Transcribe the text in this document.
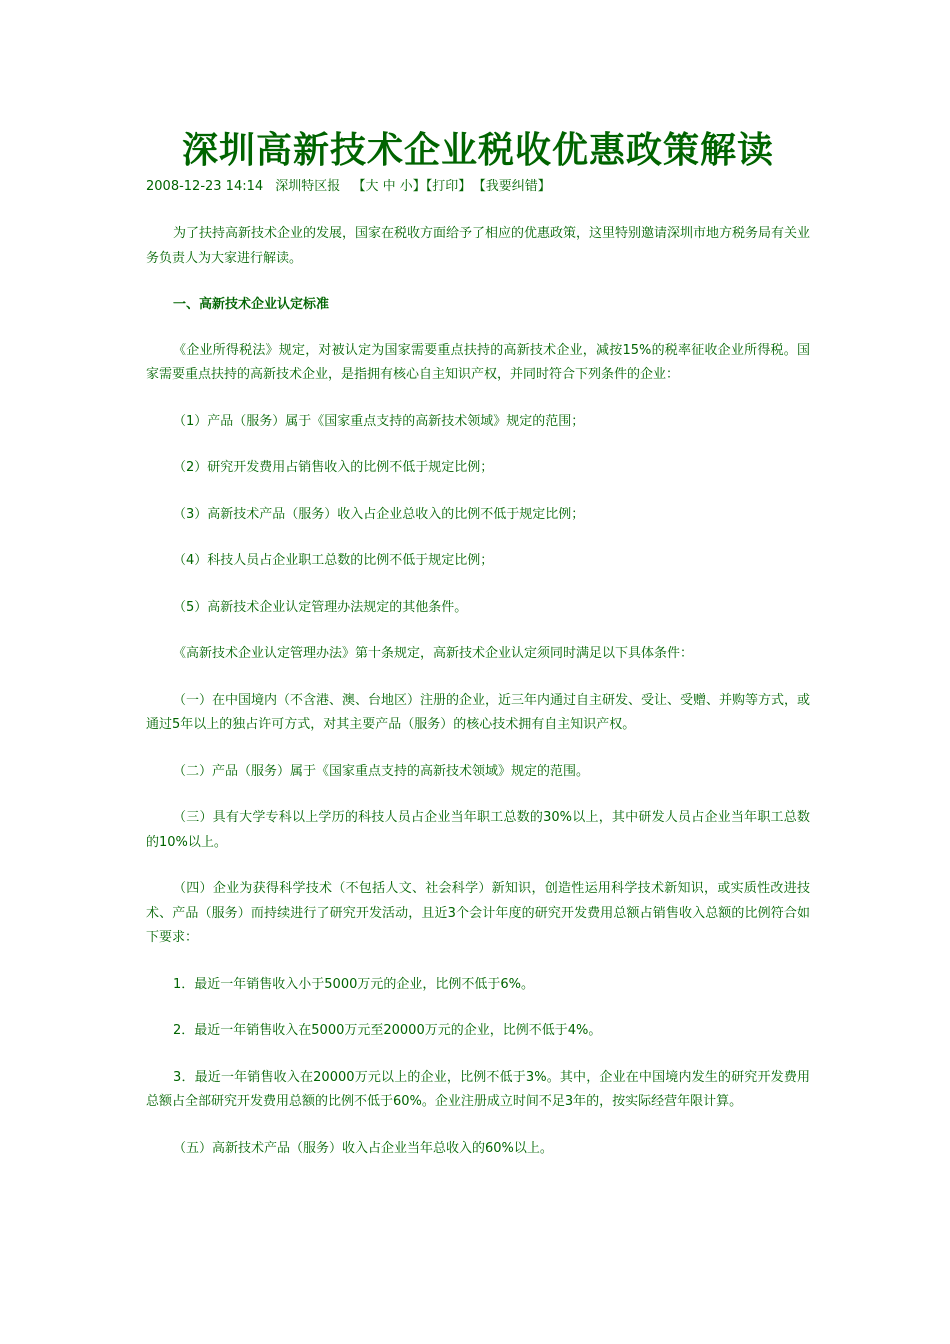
深圳高新技术企业税收优惠政策解读
2008-12-23 14:14 深圳特区报 【大 中 小】【打印】 【我要纠错】

为了扶持高新技术企业的发展，国家在税收方面给予了相应的优惠政策，这里特别邀请深圳市地方税务局有关业务负责人为大家进行解读。

一、高新技术企业认定标准

《企业所得税法》规定，对被认定为国家需要重点扶持的高新技术企业，减按15%的税率征收企业所得税。国家需要重点扶持的高新技术企业，是指拥有核心自主知识产权，并同时符合下列条件的企业：

（1）产品（服务）属于《国家重点支持的高新技术领域》规定的范围；

（2）研究开发费用占销售收入的比例不低于规定比例；

（3）高新技术产品（服务）收入占企业总收入的比例不低于规定比例；

（4）科技人员占企业职工总数的比例不低于规定比例；

（5）高新技术企业认定管理办法规定的其他条件。

《高新技术企业认定管理办法》第十条规定，高新技术企业认定须同时满足以下具体条件：

（一）在中国境内（不含港、澳、台地区）注册的企业，近三年内通过自主研发、受让、受赠、并购等方式，或通过5年以上的独占许可方式，对其主要产品（服务）的核心技术拥有自主知识产权。

（二）产品（服务）属于《国家重点支持的高新技术领域》规定的范围。

（三）具有大学专科以上学历的科技人员占企业当年职工总数的30%以上，其中研发人员占企业当年职工总数的10%以上。

（四）企业为获得科学技术（不包括人文、社会科学）新知识，创造性运用科学技术新知识，或实质性改进技术、产品（服务）而持续进行了研究开发活动，且近3个会计年度的研究开发费用总额占销售收入总额的比例符合如下要求：

1．最近一年销售收入小于5000万元的企业，比例不低于6%。

2．最近一年销售收入在5000万元至20000万元的企业，比例不低于4%。

3．最近一年销售收入在20000万元以上的企业，比例不低于3%。其中，企业在中国境内发生的研究开发费用总额占全部研究开发费用总额的比例不低于60%。企业注册成立时间不足3年的，按实际经营年限计算。

（五）高新技术产品（服务）收入占企业当年总收入的60%以上。
